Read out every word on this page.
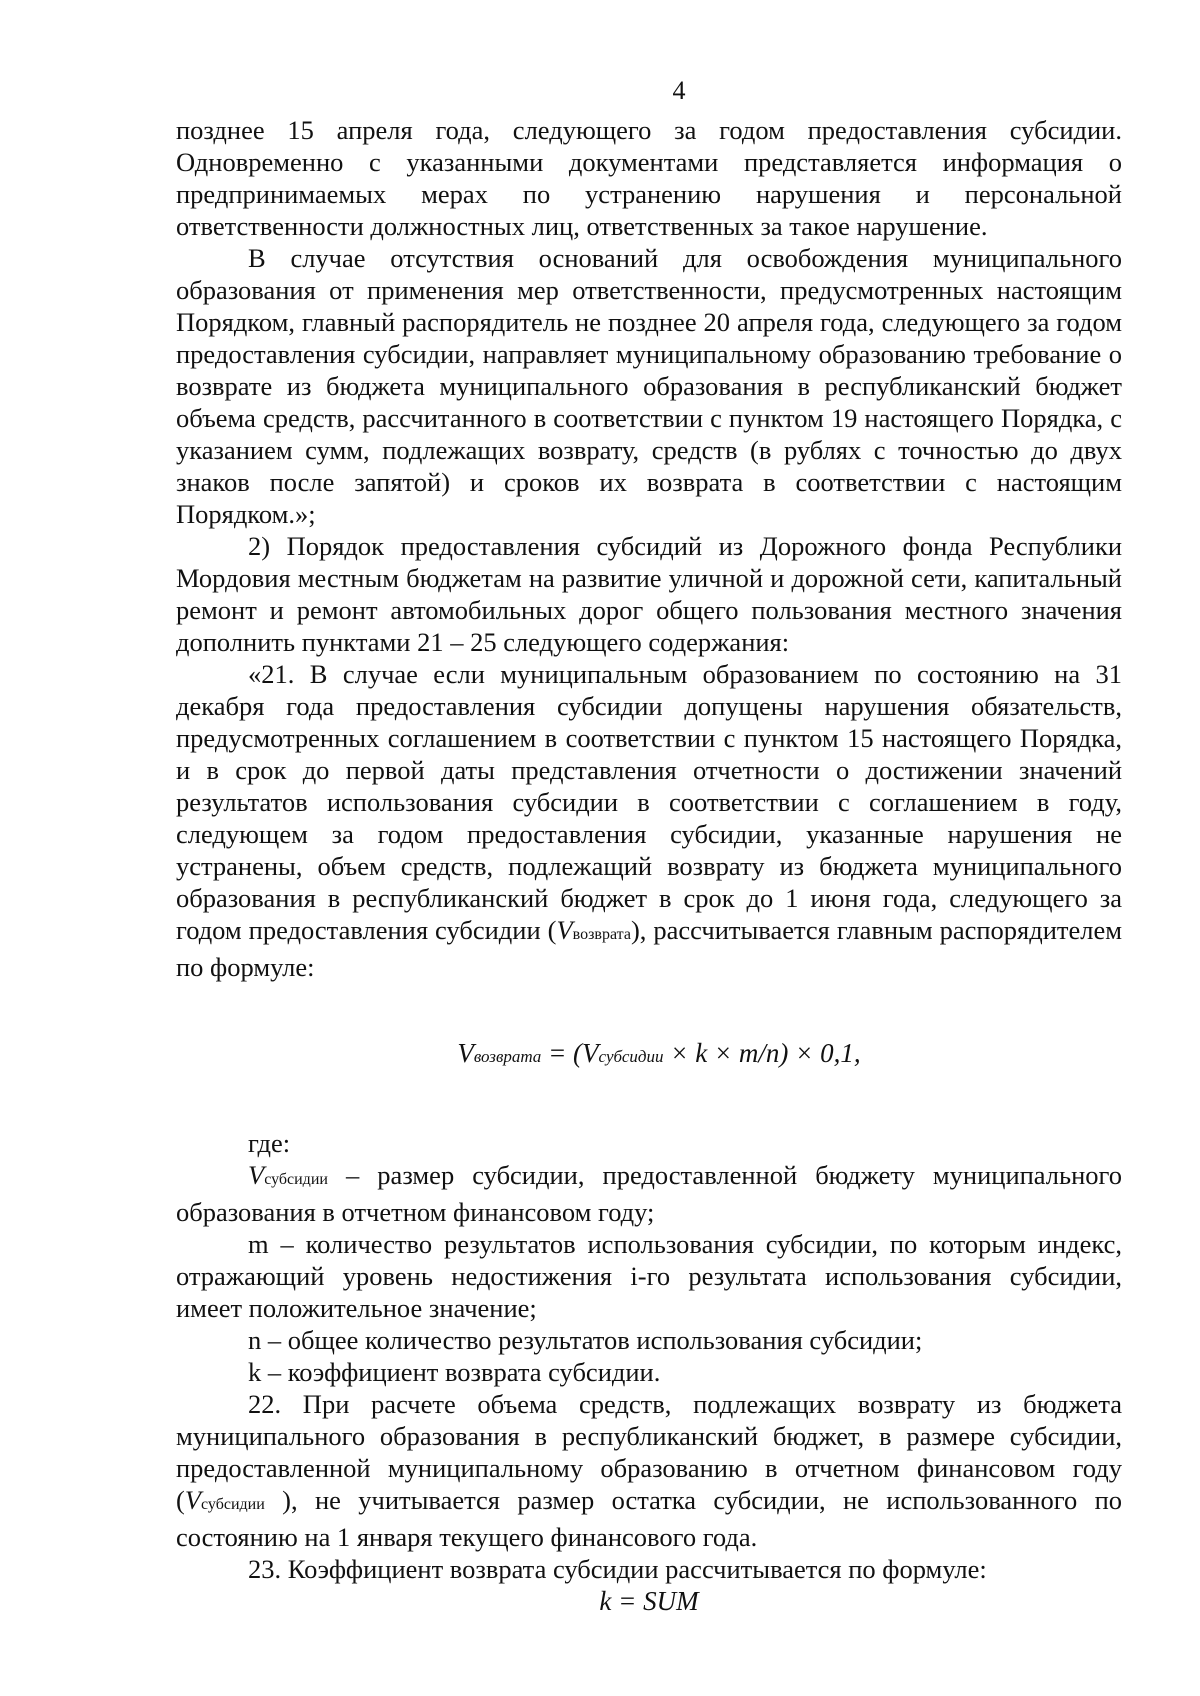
4

позднее 15 апреля года, следующего за годом предоставления субсидии. Одновременно с указанными документами представляется информация о предпринимаемых мерах по устранению нарушения и персональной ответственности должностных лиц, ответственных за такое нарушение.

В случае отсутствия оснований для освобождения муниципального образования от применения мер ответственности, предусмотренных настоящим Порядком, главный распорядитель не позднее 20 апреля года, следующего за годом предоставления субсидии, направляет муниципальному образованию требование о возврате из бюджета муниципального образования в республиканский бюджет объема средств, рассчитанного в соответствии с пунктом 19 настоящего Порядка, с указанием сумм, подлежащих возврату, средств (в рублях с точностью до двух знаков после запятой) и сроков их возврата в соответствии с настоящим Порядком.»;

2) Порядок предоставления субсидий из Дорожного фонда Республики Мордовия местным бюджетам на развитие уличной и дорожной сети, капитальный ремонт и ремонт автомобильных дорог общего пользования местного значения дополнить пунктами 21 – 25 следующего содержания:

«21. В случае если муниципальным образованием по состоянию на 31 декабря года предоставления субсидии допущены нарушения обязательств, предусмотренных соглашением в соответствии с пунктом 15 настоящего Порядка, и в срок до первой даты представления отчетности о достижении значений результатов использования субсидии в соответствии с соглашением в году, следующем за годом предоставления субсидии, указанные нарушения не устранены, объем средств, подлежащий возврату из бюджета муниципального образования в республиканский бюджет в срок до 1 июня года, следующего за годом предоставления субсидии (Vвозврата), рассчитывается главным распорядителем по формуле:

Vвозврата = (Vсубсидии × k × m/n) × 0,1,

где:

Vсубсидии – размер субсидии, предоставленной бюджету муниципального образования в отчетном финансовом году;

m – количество результатов использования субсидии, по которым индекс, отражающий уровень недостижения i-го результата использования субсидии, имеет положительное значение;

n – общее количество результатов использования субсидии;

k – коэффициент возврата субсидии.

22. При расчете объема средств, подлежащих возврату из бюджета муниципального образования в республиканский бюджет, в размере субсидии, предоставленной муниципальному образованию в отчетном финансовом году (Vсубсидии ), не учитывается размер остатка субсидии, не использованного по состоянию на 1 января текущего финансового года.

23. Коэффициент возврата субсидии рассчитывается по формуле:

k = SUM
